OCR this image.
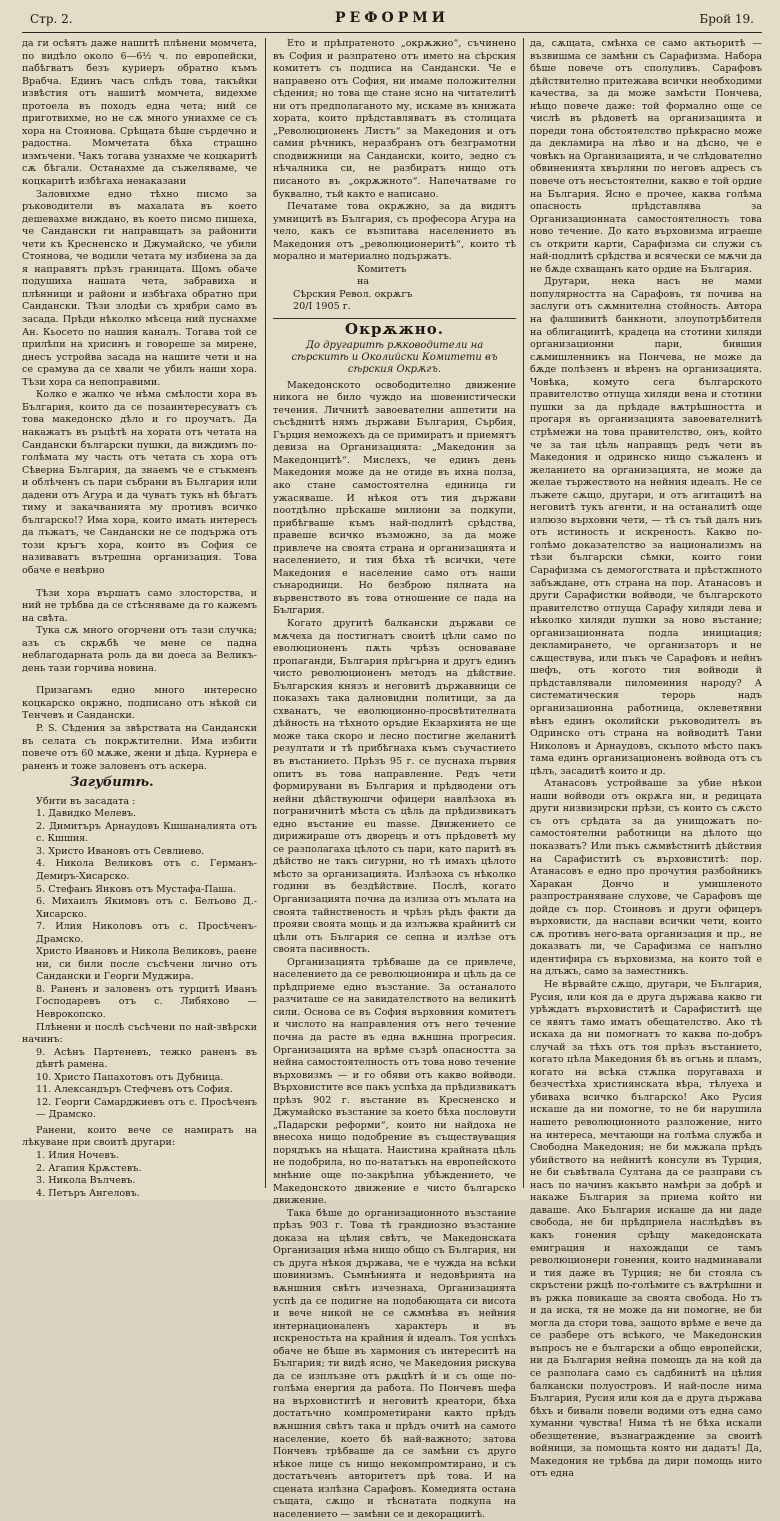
Стр. 2.	РЕФОРМИ	Брой 19.

да ги осѣятъ даже нашитѣ плѣнени момчета, по видѣло около 6—6½ ч. по европейски, пабѣгватъ безъ куриеръ обратно къмъ Врабча. Единъ часъ слѣдъ това, такъйки извѣстия отъ нашитѣ момчета, видехме протоела въ походъ една чета; ний се приготвихме, но не сѫ многo униахме се съ хора на Стоянова. Срѣщата бѣше сърдечно и радостна. Момчетата бѣха страшно измъчени. Чакъ тогава узнахме че коцкаритѣ сѫ бѣгали. Останахме да съжеляваме, че коцкаритѣ избѣгаха ненаказани

Заловихме едно тѣхно писмо за ръководители въ махалата въ което дешевахме виждано, въ което писмо пишеха, че Сандански ги направщатъ за районити чети къ Кресненско и Джумайско, че убили Стоянова, че водили четата му избиена за да я направятъ прѣзъ границата. Щомъ обаче подушиха нашата чета, забравиха и плѣнници и райони и избѣгаха обратно при Сандански. Тѣзи злодѣи съ хрябри само въ засада. Прѣди нѣколко мѣсеца ний пуснахме Ан. Кьосето по нашия каналъ. Тогава той се прилѣпи на хрисинъ и говореше за мирене, днесъ устройва засада на нашите чети и на се срамува да се хвали че убилъ наши хора. Тѣзи хора са непоправими.

Колко е жалко че нѣма смѣлости хора въ България, които да се позаинтересуватъ съ това македонско дѣло и го проучатъ. Да накажатъ въ ръцѣтѣ на хората отъ четата на Сандански български пушки, да виждимъ по-голѣмата му часть отъ четата съ хора отъ Сѣверна България, да знаемъ че е стъкменъ и облѣченъ съ пари събрани въ България или дадени отъ Агура и да чуватъ тукъ нѣ бѣгатъ тиму и закачванията му противъ всичко българско!? Има хора, които имать интересъ да лъжатъ, че Сандански не се подържа отъ този кръгъ хора, които въ София се називаватъ вътрешна организация. Това обаче е невѣрно

Тѣзи хора вършатъ само злосторства, и ний не трѣбва да се стѣсняваме да го кажемъ на свѣта.

Тука сѫ много огорчени отъ тази случка; азъ съ скрѫбѣ че мене се падна неблагодарната роль да ви доеса за Великъ-день тази горчива новина.

Призагамъ едно много интересно коцкарско окржно, подписано отъ нѣкой си Тенчевъ и Сандански.

P. S. Сѣдения за звѣрствата на Сандански въ селата съ покрѫтителни. Има избити повече отъ 60 мѫже, жени и дѣца. Курнера е раненъ и тоже заловенъ отъ аскера.

Загубитѣ.

Убити въ засадата :

1. Давидко Мелевъ.

2. Димитъръ Арнаудовъ Кшшаналията отъ с. Кшшия.

3. Христо Ивановъ отъ Севлиево.

4. Никола Великовъ отъ с. Германъ-Демиръ-Хисарско.

5. Стефанъ Янковъ отъ Мустафа-Паша.

6. Михаилъ Якимовъ отъ с. Белъово Д.-Хисарско.

7. Илия Николовъ отъ с. Просѣченъ-Драмско.

Христо Ивановъ и Никола Великовъ, раенe ни, си били после съсѣчени лично отъ Сандански и Георги Муджира.

8. Раненъ и заловенъ отъ турцитѣ Иванъ Господаревъ отъ с. Либяхово — Неврокопско.

Плѣнени и послѣ съсѣчени по най-звѣрски начинъ:

9. Асѣнъ Партеневъ, тежко раненъ въ дѣвтѣ рамена.

10. Христо Папахотовъ отъ Дубница.

11. Александъръ Стефчевъ отъ София.

12. Георги Самарджиевъ отъ с. Просѣченъ — Драмско.

Ранени, които вече се намиратъ на лѣкуване при своитѣ другари:

1. Илия Ночевъ.

2. Агапия Крѫстевъ.

3. Никола Вълчевъ.

4. Петъръ Ангеловъ.

Ето и прѣпратеното „окрѫжно“, съчинено въ София и разпратено отъ името на сѣрския комитетъ съ подписа на Сандански. Че е направено отъ София, ни имаме положителни сѣдения; но това ще стане ясно на читателитѣ ни отъ предполаганото му, искаме въ книжата хората, които прѣдставляватъ въ столицата „Революционенъ Листъ“ за Македония и отъ самия рѣчникъ, неразбранъ отъ безграмотни сподвижници на Сандански, които, зедно съ нѣчалника си, не разбиратъ нищо отъ писаното въ „окрѫжното“. Напечатваме го буквално, тъй както е написано.

Печатаме това окрѫжно, за да видятъ умницитѣ въ България, съ професора Агура на чело, какъ се възпитава населението въ Македония отъ „революционеритѣ“, които тѣ морално и материално подържатъ.

Комитетъ

на

Сѣрския Револ. окрѫгъ

20/I 1905 г.

Окрѫжно.
До другаритѣ рѫководители на сѣрскитѣ и Околийски Комитети въ сѣрския Окрѫгъ.

Македонското освободително движение никога не било чуждо на шовенистически течения. Личнитѣ завоевателни аппетити на съсѣднитѣ нямъ държави България, Сърбия, Гърция неможехъ да се примиратъ и приемятъ девиза на Организацията: „Македония за Македонцитѣ“. Мислехъ, че единъ день Македония може да не отиде въ ихна полза, ако стане самостоятелна единица ги ужасяваше. И нѣкоя отъ тия държави поотдѣлно прѣскаше милиони за подкупи, прибѣгваше къмъ най-подлитѣ срѣдства, правеше всичко възможно, за да може привлече на своята страна и организацията и населението, и тия бѣха тѣ всички, чете Македония е население само отъ наши сънародници. Но безброю пялната на вървенството въ това отношение се пада на България.

Когато другитѣ балкански държави се мѫчеха да постигнатъ своитѣ цѣли само по еволюционенъ пѫть чрѣзъ основаване пропаганди, България прѣгърна и другъ единъ чисто революционенъ методъ на дѣйствие. Българския князъ и неговитѣ държавници се показахъ така далновидни политици, за да схванатъ, че еволюционно-просвѣтителната дѣйность на тѣхното оръдие Екзархията не ще може така скоро и лесно постигне желанитѣ резултати и тѣ прибѣгнаха къмъ съучастието въ въстанието. Прѣзъ 95 г. се пуснаха първия опитъ въ това направление. Редъ чети формирувани въ България и прѣдводени отъ нейни дѣйствуюшчи офицери навлѣзоха въ пограничнитѣ мѣста съ цѣль да прѣдизвикатъ едно въстание eu masse. Движението се дирижираше отъ дворецъ и отъ прѣдоветѣ му се разполагаха цѣлото съ пари, като паритѣ въ дѣйство не такъ сигурни, но тѣ имахъ цѣлото мѣсто за организацията. Излѣзоха съ нѣколко години въ бездѣйствие. Послѣ, когато Организацията почна да излиза отъ мълата на своята тайнственость и чрѣзъ рѣдъ факти да прояви своята мощь и да излъжва крайнитѣ си цѣли отъ България се сепна и излѣзе отъ своята пасивность.

Организацията трѣбваше да се привлече, населението да се революционира и цѣль да се прѣдприеме едно възстание. За останалото разчиташе се на завидателството на великитѣ сили. Основа се въ София върховния комитетъ и числото на направления отъ него течение почна да расте въ една вѫншна прогресия. Организацията на врѣме съзрѣ опасността за нейна самостоятелность отъ това ново течение върховизмъ — и го обяви отъ какво войводи. Върховистите все пакъ успѣха да прѣдизвикатъ прѣзъ 902 г. въстание въ Кресненско и Джумайско възстание за което бѣха пословути „Падарски реформи“, които ни найдоха не внесоха нищо подобрение въ съществуващия порядъкъ на нѣщата. Наистина крайната цѣль не подобрила, но по-нататъкъ на европейското мнѣние още по-закрѣпна убѣждението, че Македонското движение е чисто българско движение.

Така бѣше до организационното възстание прѣзъ 903 г. Това тѣ грандиозно възстание доказа на цѣлия свѣтъ, че Македонската Организация нѣма нищо общо съ България, ни съ друга нѣкоя държава, че е чужда на всѣки шовинизмъ. Съмнѣнията и недовѣрията на вѫншния свѣтъ изчезнаха, Организацията успѣ да се подигне на подобающата си висота и вече никой не се сѫмнѣва въ нейния интернационаленъ характеръ и въ искреностьта на крайния ѝ идеалъ. Тоя успѣхъ обаче не бѣше въ хармония съ интереситѣ на България; ти видѣ ясно, че Македония рискува да се изплъзне отъ рѫцѣтѣ ѝ и съ още по-голѣма енергия да работа. По Пончевъ шефа на върховиститѣ и неговитѣ креатори, бѣха достатъчно компрометирани както прѣдъ вѫншния свѣтъ така и прѣдъ очитѣ на самото население, което бѣ най-важното; затова Пончевъ трѣбваше да се замѣни съ друго нѣкое лице съ нищо некомпромтирано, и съ достатъченъ авторитетъ прѣ това. И на сцената излѣзна Сарафовъ. Комедията остана същата, сѫщо и тѣснатата подкупа на населението — замѣни се и декорациитѣ.

да, сѫщата, смѣнха се само актьоритѣ — възвишма се замѣни съ Сарафизма. Набора бѣше повече отъ сполуливъ. Сарафовъ дѣйствително притежава всички необходими качества, за да може замѣсти Пончева, нѣщо повече даже: той формално още се числѣ въ рѣдоветѣ на организацията и пореди тона обстоятелство прѣкрасно може да декламира на лѣво и на дѣсно, че е човѣкъ на Организацията, и че слѣдователно обвиненията хвърляни по неговъ адресъ съ повече отъ несъстоятелни, какво е той ордие на България. Ясно е прочее, каква голѣма опасность прѣдставлява за Организационната самостоятелность това ново течение. До като върховизма играеше съ открити карти, Сарафизма си служи съ най-подлитѣ срѣдства и всячески се мѫчи да не бѫде схващанъ като ордие на България.

Другари, нека насъ не мами популярността на Сарафовъ, тя почива на заслуги отъ сѫмнителна стойность. Автора на фалшивитѣ банкноти, злоупотрѣбителя на облигациитѣ, крадеца на стотини хиляди организационни пари, бившия сѫмишленникъ на Пончева, не може да бѫде полѣзенъ и вѣренъ на организацията. Човѣка, комуто сега българското правителство отпуща хиляди вена и стотини пушки за да прѣдаде вѫтрѣшността и прогаря въ организацията завоевателнитѣ стрѣмежи на това правителство, онъ, който че за тая цѣль направщъ редъ чети въ Македония и одринско нищо съжаленъ и желанието на организацията, не може да желае тържеството на нейния идеалъ. Не се лъжете сѫщо, другари, и отъ агитацитѣ на неговитѣ тукъ агенти, и на останалитѣ още излюзо върховни чети, — тѣ съ тъй далъ ниъ отъ истиность и искреность. Какво по-голѣмо доказателство за национализмъ на тѣзи български сѣмки, които гони Сарафизма съ демогогствата и прѣстжпното забъждане, отъ страна на пор. Атанасовъ и други Сарафистки войводи, че българското правителство отпуща Сарафу хиляди лева и нѣколко хиляди пушки за ново въстание; организационната подла инициация; декламирането, че организаторъ и не сѫществува, или пъкъ че Сарафовъ и нейнъ шефъ, отъ когото тия войводи й прѣдставлявали пиломенния народу? А систематическия терорь надъ организационна работница, оклеветявни вѣнъ единъ околийски ръководителъ въ Одринско отъ страна на войводитѣ Тани Николовъ и Арнаудовъ, скъпото мѣсто пакъ тама единъ организационенъ войвода отъ съ цѣлъ, засадитѣ които и др.

Атанасовъ устройваше за убие нѣкои наши войводи отъ окрѫга ни, и редицата други низвизирски прѣзи, съ които съ сѫсто съ отъ срѣдата за да унищожатъ по-самостоятелни работници на дѣлото що показватъ? Или пъкъ сѫмвѣстнитѣ дѣйствия на Сарафиститѣ съ върховиститѣ: пор. Атанасовъ е едно про прочутия разбойникъ Харакан Дончо и умишленото разпространяване слухове, че Сарафовъ ще дойде съ пор. Стоиновъ и други офицеръ върховисти, да наспави всички чети, които сѫ противъ него-вата организация и пр., не доказватъ ли, че Сарафизма се напълно идентифира съ върховизма, на които той е на длъжъ, само за заместникъ.

Не вѣрвайте сѫщо, другари, че България, Русия, или коя да е друга държава какво ги урѣждатъ върховиститѣ и Сарафиститѣ ще се явятъ тамо иматъ обещателство. Ако тѣ искаха да ни помогнатъ то каква по-добръ случай за тѣхъ отъ тоя прѣзъ въстанието, когато цѣла Македония бѣ въ огънь и пламъ, когато на всѣка стѫпка поругаваха и безчестѣха християнската вѣра, тѣлуеха и убиваха всичко българско! Ако Русия искаше да ни помогне, то не би нарушила нашето революционното разложение, нито на интереса, мечтающи на голѣма служба и Свободна Македония; не би мѫжала прѣдъ убийството на нейнитѣ консули въ Турция, не би съвѣтвала Султана да се разправи съ насъ по начинъ какъвто намѣри за добрѣ и накаже България за приема който ни даваше. Ако България искаше да ни даде свобода, не би прѣдприела наслѣдѣвъ въ какъ гонения срѣщу македонската емиграция и нахождащи се тамъ революционери гонения, които надминавали и тия даже въ Турция; не би стояла съ скръстени ржцѣ по-голѣмите съ вѫтрѣшни и въ ржка повикаше за своята свобода. Но тъ и да иска, тя не може да ни помогне, не би могла да стори това, защото врѣме е вече да се разбере отъ всѣкого, че Македонския въпросъ не е български а общо европейски, ни да България нейна помощъ да на кой да се разполага само съ садбинитѣ на цѣлия балкански полуостровъ. И най-после нима България, Русия или коя да е друга държава бѣхъ и бивали повели водими отъ една само хуманни чувства! Нима тѣ не бѣха искали обезщетение, възнаграждение за своитѣ войници, за помощьта която ни дадатъ! Да, Македония не трѣбва да дири помощь нито отъ една
